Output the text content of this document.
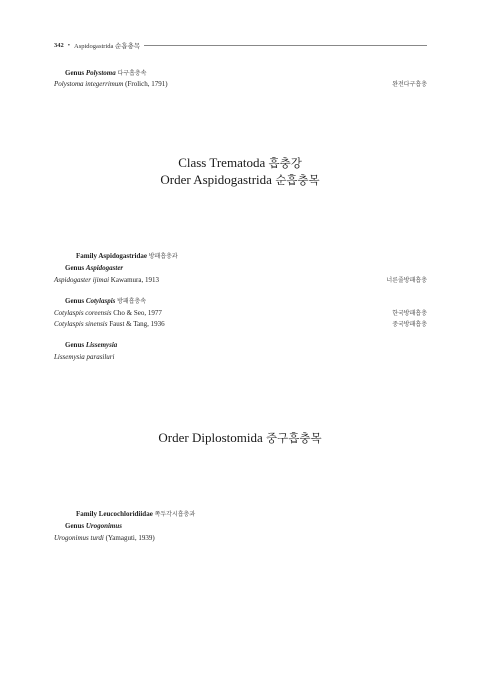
342 • Aspidogastrida 순흡충목
Genus Polystoma 다구흡충속
Polystoma integerrimum (Frolich, 1791)	완전다구흡충
Class Trematoda 흡충강
Order Aspidogastrida 순흡충목
Family Aspidogastridae 방패흡충과
Genus Aspidogaster
Aspidogaster ijimai Kawamura, 1913	너른줄방패흡충
Genus Cotylaspis 방패흡충속
Cotylaspis coreensis Cho & Seo, 1977	한국방패흡충
Cotylaspis sinensis Faust & Tang, 1936	중국방패흡충
Genus Lissemysia
Lissemysia parasiluri
Order Diplostomida 중구흡충목
Family Leucochloridiidae 쪽두각시흡충과
Genus Urogonimus
Urogonimus turdi (Yamaguti, 1939)
